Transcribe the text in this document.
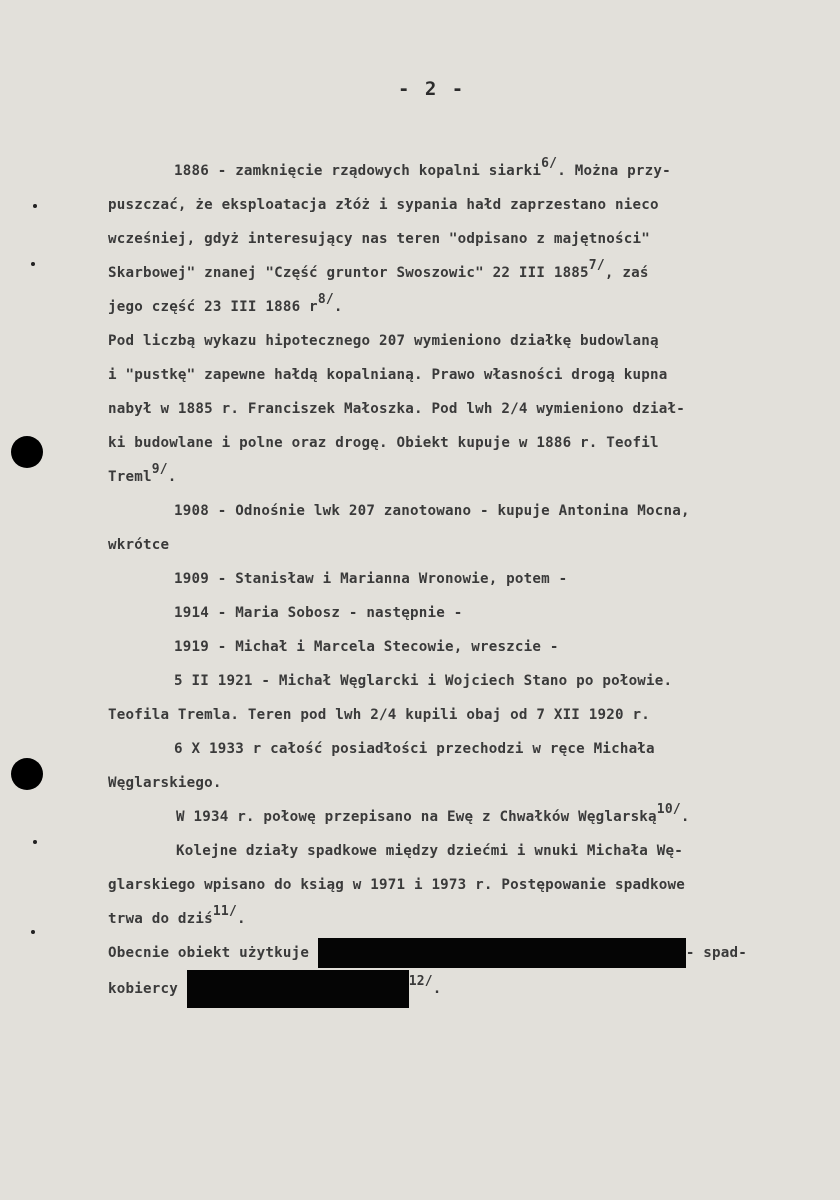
- 2 -
1886 - zamknięcie rządowych kopalni siarki$^{6/}$. Można przy-
puszczać, że eksploatacja złóż i sypania hałd zaprzestano nieco
wcześniej, gdyż interesujący nas teren "odpisano z majętności"
Skarbowej" znanej "Część gruntor Swoszowic" 22 III $1885^{7/}$, zaś
jego część 23 III 1886 $r^{8/}$.
Pod liczbą wykazu hipotecznego 207 wymieniono działkę budowlaną
i "pustkę" zapewne hałdą kopalnianą. Prawo własności drogą kupna
nabył w 1885 r. Franciszek Małoszka. Pod lwh 2/4 wymieniono dział-
ki budowlane i polne oraz drogę. Obiekt kupuje w 1886 r. Teofil
Treml$^{9/}$.
1908 - Odnośnie lwk 207 zanotowano - kupuje Antonina Mocna,
wkrótce
1909 - Stanisław i Marianna Wronowie, potem -
1914 - Maria Sobosz - następnie -
1919 - Michał i Marcela Stecowie, wreszcie -
5 II 1921 - Michał Węglarcki i Wojciech Stano po połowie.
Teofila Tremla. Teren pod lwh 2/4 kupili obaj od 7 XII 1920 r.
6 X 1933 r całość posiadłości przechodzi w ręce Michała
Węglarskiego.
W 1934 r. połowę przepisano na Ewę z Chwałków Węglarską$^{10/}$.
Kolejne działy spadkowe między dziećmi i wnuki Michała Wę-
glarskiego wpisano do ksiąg w 1971 i 1973 r. Postępowanie spadkowe
trwa do dziś$^{11/}$.
Obecnie obiekt użytkuje	- spad-
kobiercy	$^{12/}$.
